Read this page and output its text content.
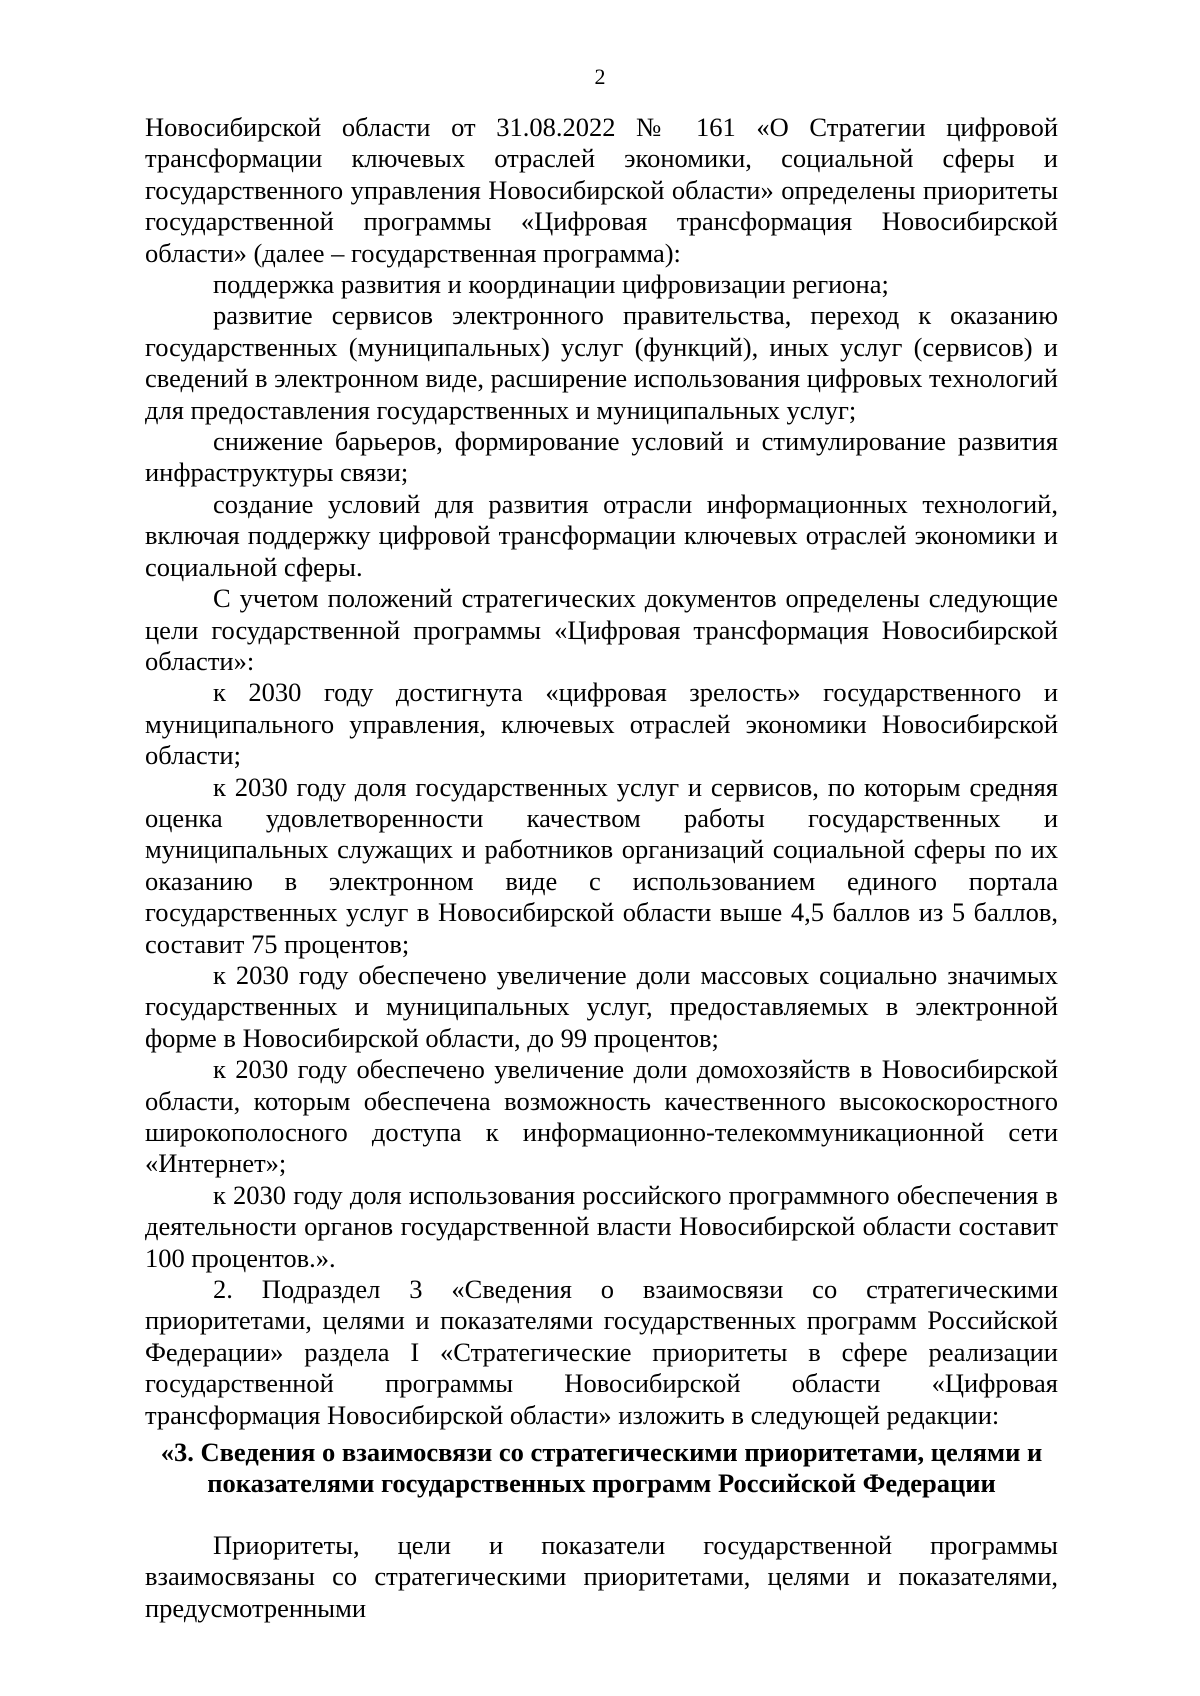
2

Новосибирской области от 31.08.2022 № 161 «О Стратегии цифровой трансформации ключевых отраслей экономики, социальной сферы и государственного управления Новосибирской области» определены приоритеты государственной программы «Цифровая трансформация Новосибирской области» (далее – государственная программа):

поддержка развития и координации цифровизации региона;

развитие сервисов электронного правительства, переход к оказанию государственных (муниципальных) услуг (функций), иных услуг (сервисов) и сведений в электронном виде, расширение использования цифровых технологий для предоставления государственных и муниципальных услуг;

снижение барьеров, формирование условий и стимулирование развития инфраструктуры связи;

создание условий для развития отрасли информационных технологий, включая поддержку цифровой трансформации ключевых отраслей экономики и социальной сферы.

С учетом положений стратегических документов определены следующие цели государственной программы «Цифровая трансформация Новосибирской области»:

к 2030 году достигнута «цифровая зрелость» государственного и муниципального управления, ключевых отраслей экономики Новосибирской области;

к 2030 году доля государственных услуг и сервисов, по которым средняя оценка удовлетворенности качеством работы государственных и муниципальных служащих и работников организаций социальной сферы по их оказанию в электронном виде с использованием единого портала государственных услуг в Новосибирской области выше 4,5 баллов из 5 баллов, составит 75 процентов;

к 2030 году обеспечено увеличение доли массовых социально значимых государственных и муниципальных услуг, предоставляемых в электронной форме в Новосибирской области, до 99 процентов;

к 2030 году обеспечено увеличение доли домохозяйств в Новосибирской области, которым обеспечена возможность качественного высокоскоростного широкополосного доступа к информационно-телекоммуникационной сети «Интернет»;

к 2030 году доля использования российского программного обеспечения в деятельности органов государственной власти Новосибирской области составит 100 процентов.».

2. Подраздел 3 «Сведения о взаимосвязи со стратегическими приоритетами, целями и показателями государственных программ Российской Федерации» раздела I «Стратегические приоритеты в сфере реализации государственной программы Новосибирской области «Цифровая трансформация Новосибирской области» изложить в следующей редакции:

«3. Сведения о взаимосвязи со стратегическими приоритетами, целями и показателями государственных программ Российской Федерации

Приоритеты, цели и показатели государственной программы взаимосвязаны со стратегическими приоритетами, целями и показателями, предусмотренными
